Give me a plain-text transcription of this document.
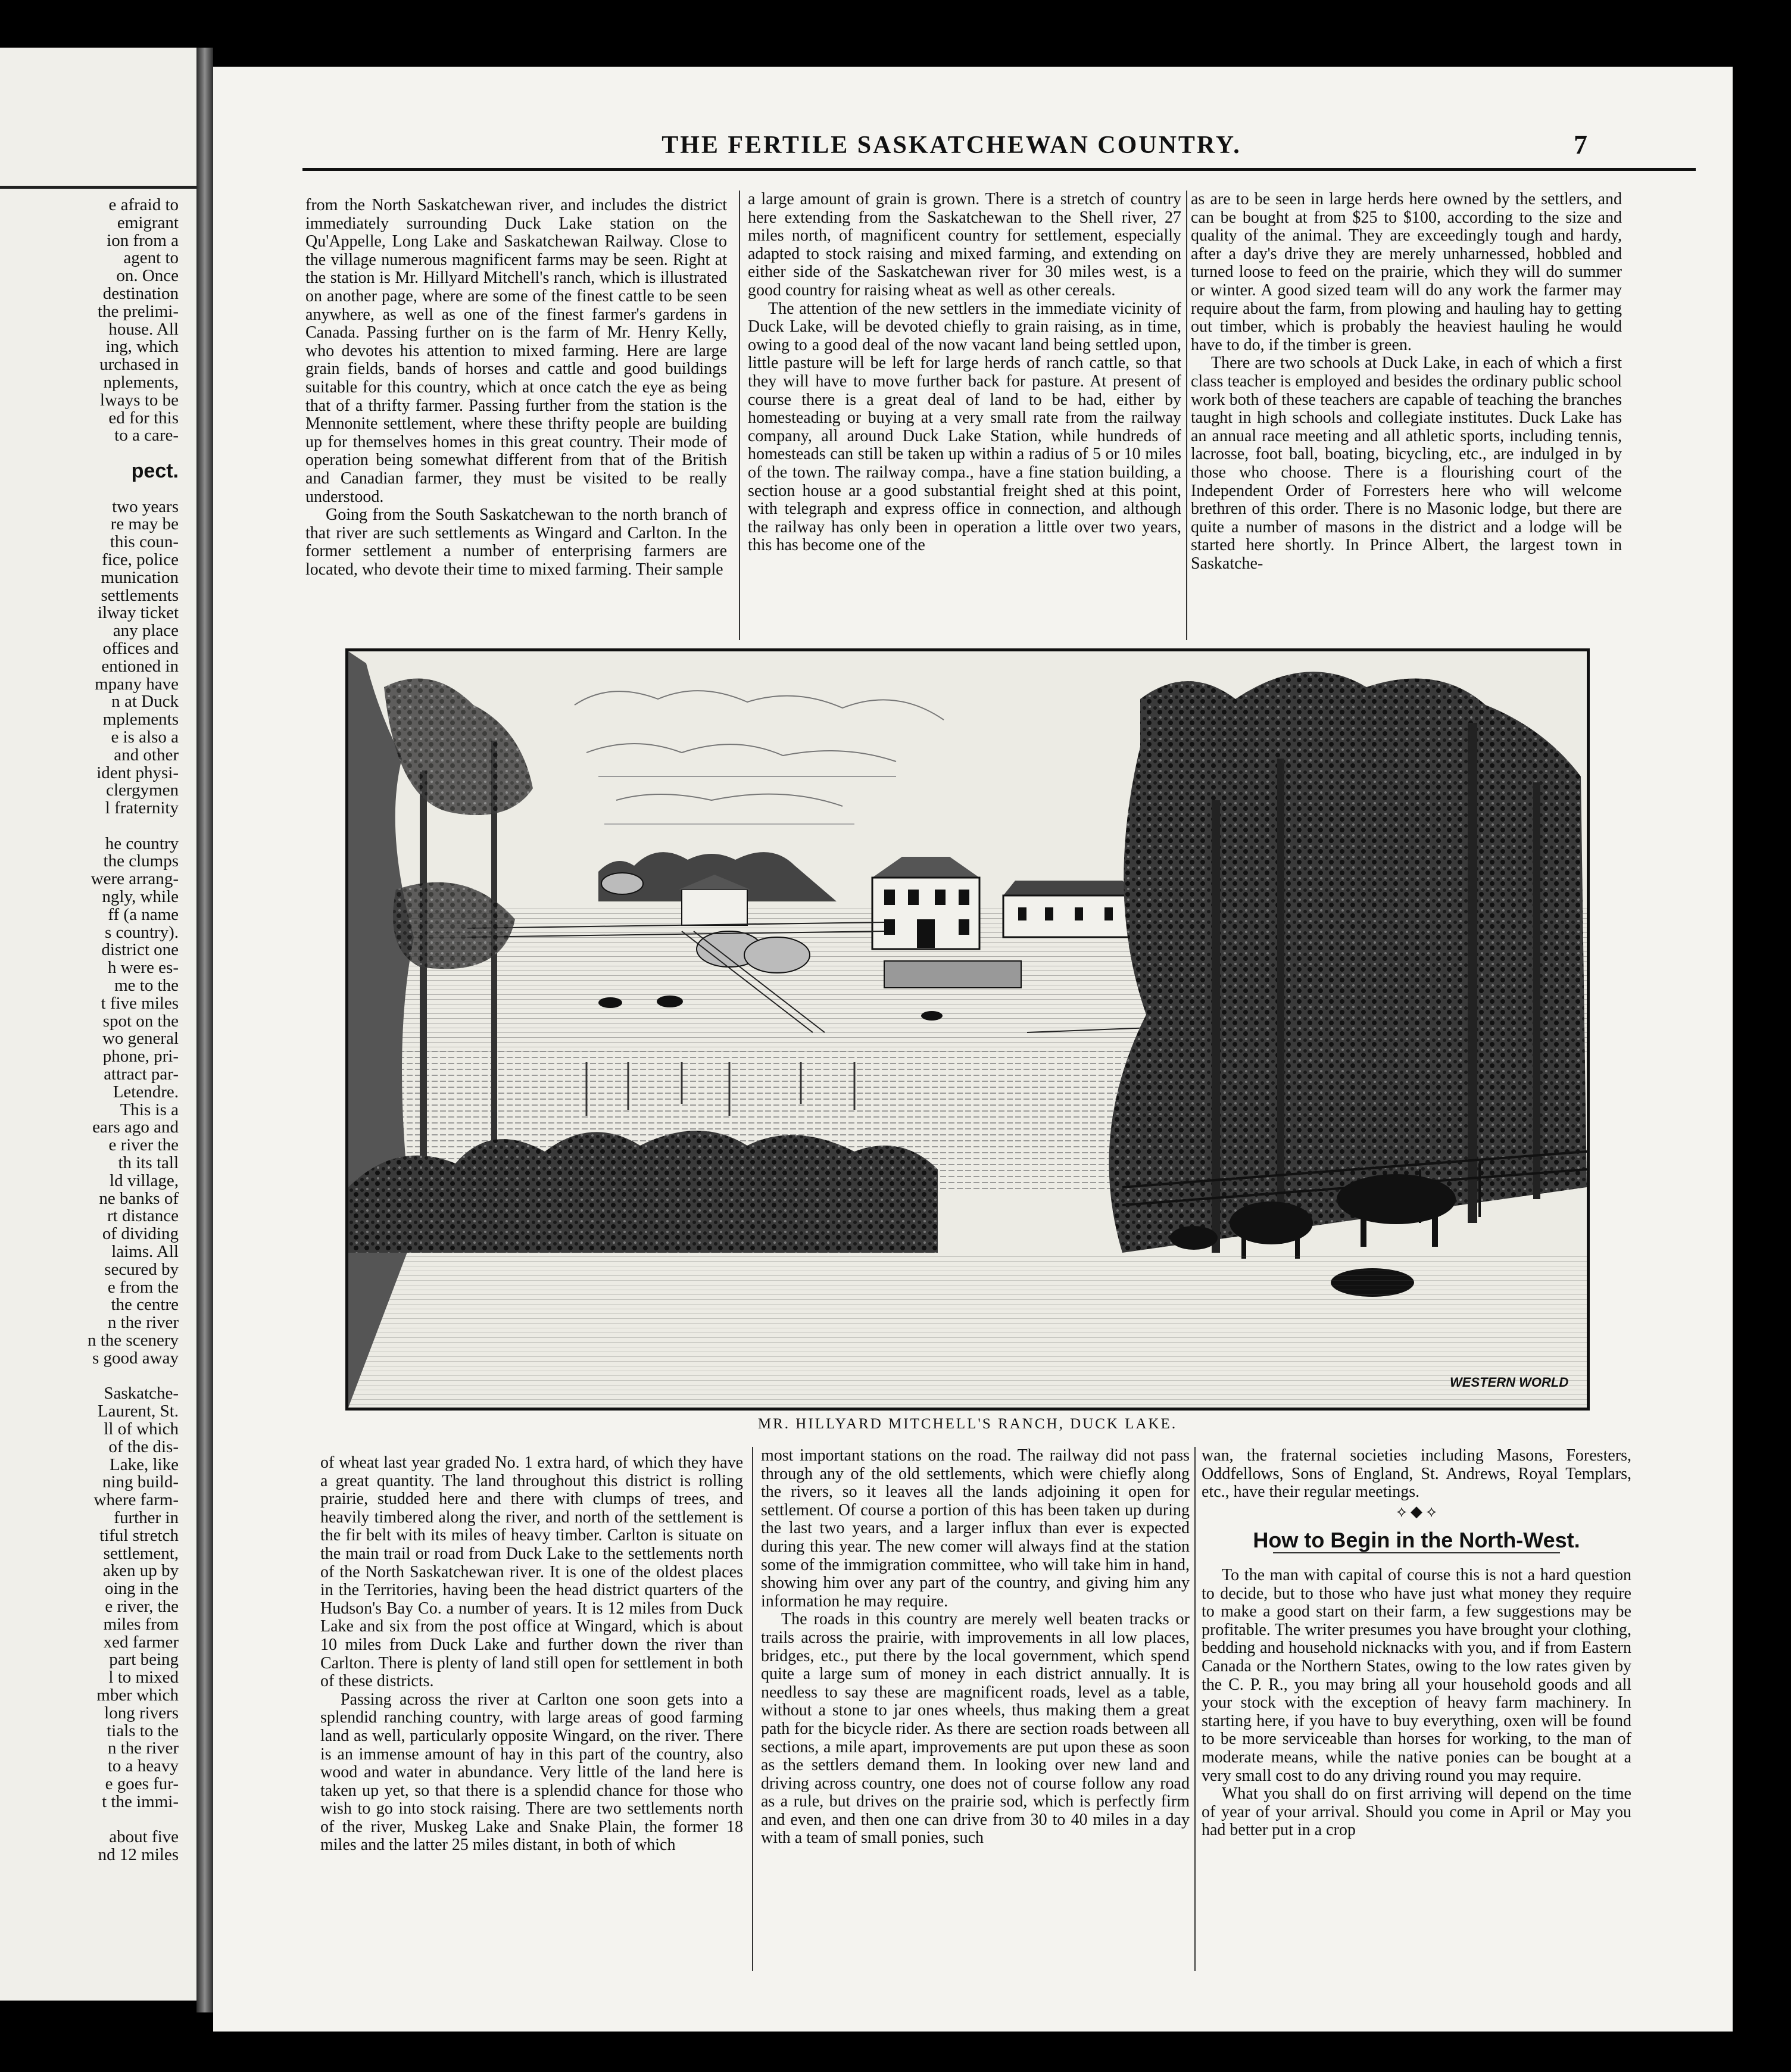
e afraid to
emigrant
ion from a
agent to
on. Once
destination
the prelimi-
house. All
ing, which
urchased in
nplements,
lways to be
ed for this
to a care-

pect.

two years
re may be
this coun-
fice, police
munication
settlements
ilway ticket
any place
offices and
entioned in
mpany have
n at Duck
mplements
e is also a
and other
ident physi-
clergymen
l fraternity

he country
the clumps
were arrang-
ngly, while
ff (a name
s country).
district one
h were es-
me to the
t five miles
spot on the
wo general
phone, pri-
attract par-
Letendre.
This is a
ears ago and
e river the
th its tall
ld village,
ne banks of
rt distance
of dividing
laims. All
secured by
e from the
the centre
n the river
n the scenery
s good away

Saskatche-
Laurent, St.
ll of which
of the dis-
Lake, like
ning build-
where farm-
further in
tiful stretch
settlement,
aken up by
oing in the
e river, the
miles from
xed farmer
part being
l to mixed
mber which
long rivers
tials to the
n the river
to a heavy
e goes fur-
t the immi-

about five
nd 12 miles
THE FERTILE SASKATCHEWAN COUNTRY.	7

from the North Saskatchewan river, and includes the district immediately surrounding Duck Lake station on the Qu'Appelle, Long Lake and Saskatchewan Railway. Close to the village numerous magnificent farms may be seen. Right at the station is Mr. Hillyard Mitchell's ranch, which is illustrated on another page, where are some of the finest cattle to be seen anywhere, as well as one of the finest farmer's gardens in Canada. Passing further on is the farm of Mr. Henry Kelly, who devotes his attention to mixed farming. Here are large grain fields, bands of horses and cattle and good buildings suitable for this country, which at once catch the eye as being that of a thrifty farmer. Passing further from the station is the Mennonite settlement, where these thrifty people are building up for themselves homes in this great country. Their mode of operation being somewhat different from that of the British and Canadian farmer, they must be visited to be really understood.

Going from the South Saskatchewan to the north branch of that river are such settlements as Wingard and Carlton. In the former settlement a number of enterprising farmers are located, who devote their time to mixed farming. Their sample

a large amount of grain is grown. There is a stretch of country here extending from the Saskatchewan to the Shell river, 27 miles north, of magnificent country for settlement, especially adapted to stock raising and mixed farming, and extending on either side of the Saskatchewan river for 30 miles west, is a good country for raising wheat as well as other cereals.

The attention of the new settlers in the immediate vicinity of Duck Lake, will be devoted chiefly to grain raising, as in time, owing to a good deal of the now vacant land being settled upon, little pasture will be left for large herds of ranch cattle, so that they will have to move further back for pasture. At present of course there is a great deal of land to be had, either by homesteading or buying at a very small rate from the railway company, all around Duck Lake Station, while hundreds of homesteads can still be taken up within a radius of 5 or 10 miles of the town. The railway compa., have a fine station building, a section house ar a good substantial freight shed at this point, with telegraph and express office in connection, and although the railway has only been in operation a little over two years, this has become one of the

as are to be seen in large herds here owned by the settlers, and can be bought at from $25 to $100, according to the size and quality of the animal. They are exceedingly tough and hardy, after a day's drive they are merely unharnessed, hobbled and turned loose to feed on the prairie, which they will do summer or winter. A good sized team will do any work the farmer may require about the farm, from plowing and hauling hay to getting out timber, which is probably the heaviest hauling he would have to do, if the timber is green.

There are two schools at Duck Lake, in each of which a first class teacher is employed and besides the ordinary public school work both of these teachers are capable of teaching the branches taught in high schools and collegiate institutes. Duck Lake has an annual race meeting and all athletic sports, including tennis, lacrosse, foot ball, boating, bicycling, etc., are indulged in by those who choose. There is a flourishing court of the Independent Order of Forresters here who will welcome brethren of this order. There is no Masonic lodge, but there are quite a number of masons in the district and a lodge will be started here shortly. In Prince Albert, the largest town in Saskatche-

WESTERN WORLD
MR. HILLYARD MITCHELL'S RANCH, DUCK LAKE.

of wheat last year graded No. 1 extra hard, of which they have a great quantity. The land throughout this district is rolling prairie, studded here and there with clumps of trees, and heavily timbered along the river, and north of the settlement is the fir belt with its miles of heavy timber. Carlton is situate on the main trail or road from Duck Lake to the settlements north of the North Saskatchewan river. It is one of the oldest places in the Territories, having been the head district quarters of the Hudson's Bay Co. a number of years. It is 12 miles from Duck Lake and six from the post office at Wingard, which is about 10 miles from Duck Lake and further down the river than Carlton. There is plenty of land still open for settlement in both of these districts.

Passing across the river at Carlton one soon gets into a splendid ranching country, with large areas of good farming land as well, particularly opposite Wingard, on the river. There is an immense amount of hay in this part of the country, also wood and water in abundance. Very little of the land here is taken up yet, so that there is a splendid chance for those who wish to go into stock raising. There are two settlements north of the river, Muskeg Lake and Snake Plain, the former 18 miles and the latter 25 miles distant, in both of which

most important stations on the road. The railway did not pass through any of the old settlements, which were chiefly along the rivers, so it leaves all the lands adjoining it open for settlement. Of course a portion of this has been taken up during the last two years, and a larger influx than ever is expected during this year. The new comer will always find at the station some of the immigration committee, who will take him in hand, showing him over any part of the country, and giving him any information he may require.

The roads in this country are merely well beaten tracks or trails across the prairie, with improvements in all low places, bridges, etc., put there by the local government, which spend quite a large sum of money in each district annually. It is needless to say these are magnificent roads, level as a table, without a stone to jar ones wheels, thus making them a great path for the bicycle rider. As there are section roads between all sections, a mile apart, improvements are put upon these as soon as the settlers demand them. In looking over new land and driving across country, one does not of course follow any road as a rule, but drives on the prairie sod, which is perfectly firm and even, and then one can drive from 30 to 40 miles in a day with a team of small ponies, such

wan, the fraternal societies including Masons, Foresters, Oddfellows, Sons of England, St. Andrews, Royal Templars, etc., have their regular meetings.

⟡ ◆ ⟡
How to Begin in the North-West.

To the man with capital of course this is not a hard question to decide, but to those who have just what money they require to make a good start on their farm, a few suggestions may be profitable. The writer presumes you have brought your clothing, bedding and household nicknacks with you, and if from Eastern Canada or the Northern States, owing to the low rates given by the C. P. R., you may bring all your household goods and all your stock with the exception of heavy farm machinery. In starting here, if you have to buy everything, oxen will be found to be more serviceable than horses for working, to the man of moderate means, while the native ponies can be bought at a very small cost to do any driving round you may require.

What you shall do on first arriving will depend on the time of year of your arrival. Should you come in April or May you had better put in a crop
